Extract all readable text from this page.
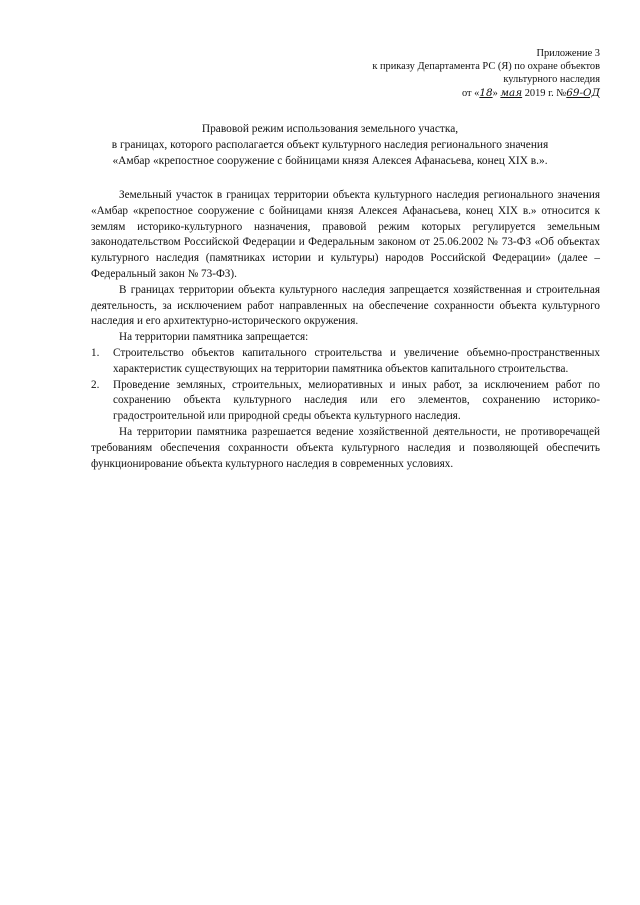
Приложение 3
к приказу Департамента РС (Я) по охране объектов
культурного наследия
от «18» мая 2019 г. №69-ОД
Правовой режим использования земельного участка,
в границах, которого располагается объект культурного наследия регионального значения
«Амбар «крепостное сооружение с бойницами князя Алексея Афанасьева, конец XIX в.».

Земельный участок в границах территории объекта культурного наследия регионального значения «Амбар «крепостное сооружение с бойницами князя Алексея Афанасьева, конец XIX в.» относится к землям историко-культурного назначения, правовой режим которых регулируется земельным законодательством Российской Федерации и Федеральным законом от 25.06.2002 № 73-ФЗ «Об объектах культурного наследия (памятниках истории и культуры) народов Российской Федерации» (далее – Федеральный закон № 73-ФЗ).

В границах территории объекта культурного наследия запрещается хозяйственная и строительная деятельность, за исключением работ направленных на обеспечение сохранности объекта культурного наследия и его архитектурно-исторического окружения.

На территории памятника запрещается:

1. Строительство объектов капитального строительства и увеличение объемно-пространственных характеристик существующих на территории памятника объектов капитального строительства.
2. Проведение земляных, строительных, мелиоративных и иных работ, за исключением работ по сохранению объекта культурного наследия или его элементов, сохранению историко-градостроительной или природной среды объекта культурного наследия.

На территории памятника разрешается ведение хозяйственной деятельности, не противоречащей требованиям обеспечения сохранности объекта культурного наследия и позволяющей обеспечить функционирование объекта культурного наследия в современных условиях.
